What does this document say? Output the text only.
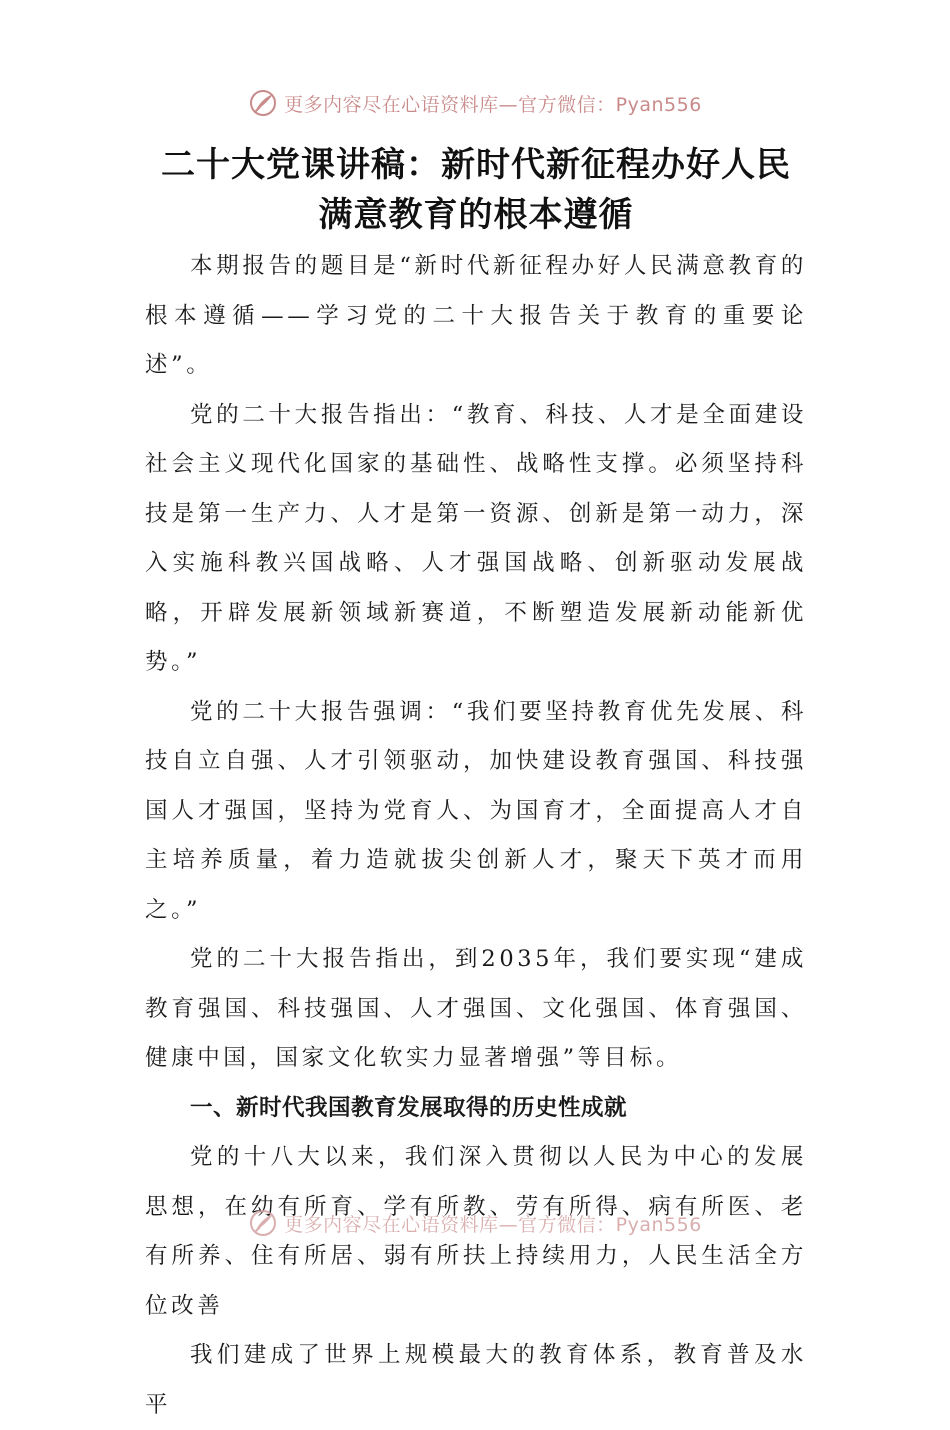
更多内容尽在心语资料库—官方微信：Pyan556
二十大党课讲稿：新时代新征程办好人民
满意教育的根本遵循

本期报告的题目是“新时代新征程办好人民满意教育的根本遵循——学习党的二十大报告关于教育的重要论述”。

党的二十大报告指出：“教育、科技、人才是全面建设社会主义现代化国家的基础性、战略性支撑。必须坚持科技是第一生产力、人才是第一资源、创新是第一动力，深入实施科教兴国战略、人才强国战略、创新驱动发展战略，开辟发展新领域新赛道，不断塑造发展新动能新优势。”

党的二十大报告强调：“我们要坚持教育优先发展、科技自立自强、人才引领驱动，加快建设教育强国、科技强国人才强国，坚持为党育人、为国育才，全面提高人才自主培养质量，着力造就拔尖创新人才，聚天下英才而用之。”

党的二十大报告指出，到2035年，我们要实现“建成教育强国、科技强国、人才强国、文化强国、体育强国、健康中国，国家文化软实力显著增强”等目标。

一、新时代我国教育发展取得的历史性成就

党的十八大以来，我们深入贯彻以人民为中心的发展思想，在幼有所育、学有所教、劳有所得、病有所医、老有所养、住有所居、弱有所扶上持续用力，人民生活全方位改善

我们建成了世界上规模最大的教育体系，教育普及水平

更多内容尽在心语资料库—官方微信：Pyan556
